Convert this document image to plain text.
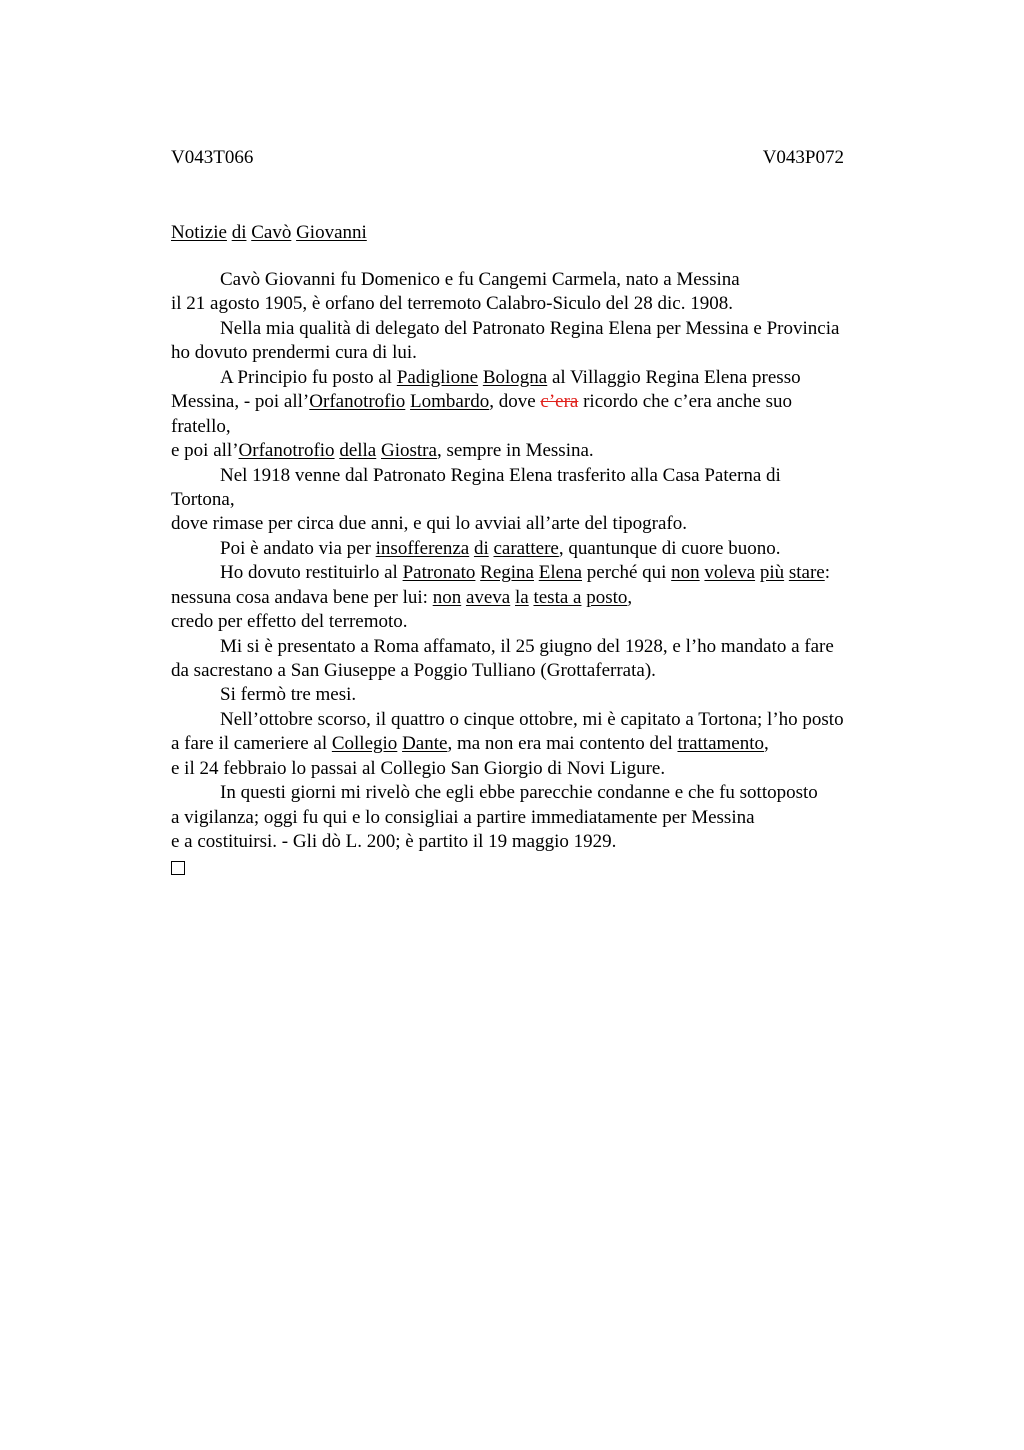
V043T066	V043P072
Notizie di Cavò Giovanni
Cavò Giovanni fu Domenico e fu Cangemi Carmela, nato a Messina
il 21 agosto 1905, è orfano del terremoto Calabro-Siculo del 28 dic. 1908.
Nella mia qualità di delegato del Patronato Regina Elena per Messina e Provincia
ho dovuto prendermi cura di lui.
A Principio fu posto al Padiglione Bologna al Villaggio Regina Elena presso
Messina, - poi all’Orfanotrofio Lombardo, dove c’era ricordo che c’era anche suo
fratello,
e poi all’Orfanotrofio della Giostra, sempre in Messina.
Nel 1918 venne dal Patronato Regina Elena trasferito alla Casa Paterna di
Tortona,
dove rimase per circa due anni, e qui lo avviai all’arte del tipografo.
Poi è andato via per insofferenza di carattere, quantunque di cuore buono.
Ho dovuto restituirlo al Patronato Regina Elena perché qui non voleva più stare:
nessuna cosa andava bene per lui: non aveva la testa a posto,
credo per effetto del terremoto.
Mi si è presentato a Roma affamato, il 25 giugno del 1928, e l’ho mandato a fare
da sacrestano a San Giuseppe a Poggio Tulliano (Grottaferrata).
Si fermò tre mesi.
Nell’ottobre scorso, il quattro o cinque ottobre, mi è capitato a Tortona; l’ho posto
a fare il cameriere al Collegio Dante, ma non era mai contento del trattamento,
e il 24 febbraio lo passai al Collegio San Giorgio di Novi Ligure.
In questi giorni mi rivelò che egli ebbe parecchie condanne e che fu sottoposto
a vigilanza; oggi fu qui e lo consigliai a partire immediatamente per Messina
e a costituirsi. - Gli dò L. 200; è partito il 19 maggio 1929.
